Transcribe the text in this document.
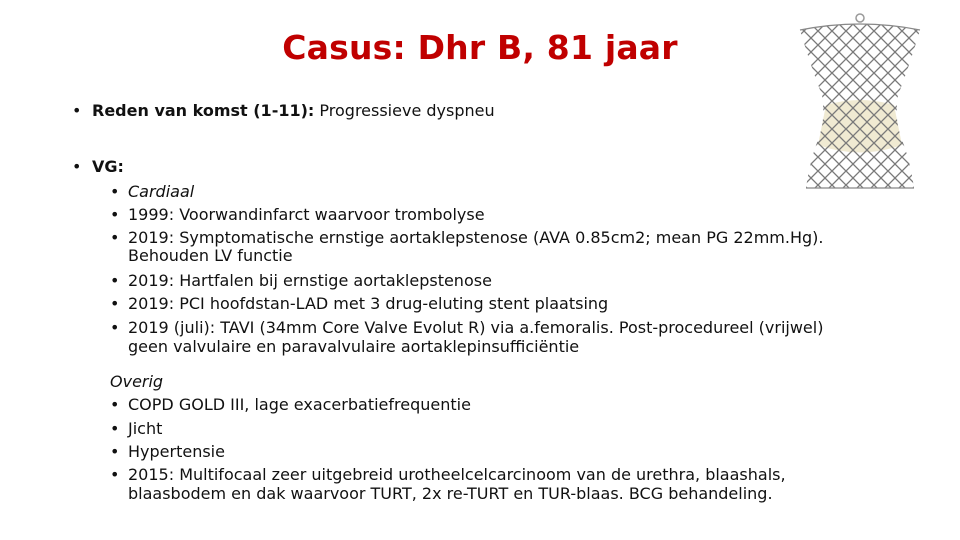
Casus: Dhr B, 81 jaar
• Reden van komst (1-11): Progressieve dyspneu
• VG:
• Cardiaal
• 1999: Voorwandinfarct waarvoor trombolyse
• 2019: Symptomatische ernstige aortaklepstenose (AVA 0.85cm2; mean PG 22mm.Hg).
Behouden LV functie
• 2019: Hartfalen bij ernstige aortaklepstenose
• 2019: PCI hoofdstan-LAD met 3 drug-eluting stent plaatsing
• 2019 (juli): TAVI (34mm Core Valve Evolut R) via a.femoralis. Post-procedureel (vrijwel)
geen valvulaire en paravalvulaire aortaklepinsufficiëntie
Overig
• COPD GOLD III, lage exacerbatiefrequentie
• Jicht
• Hypertensie
• 2015: Multifocaal zeer uitgebreid urotheelcelcarcinoom van de urethra, blaashals,
blaasbodem en dak waarvoor TURT, 2x re-TURT en TUR-blaas. BCG behandeling.
